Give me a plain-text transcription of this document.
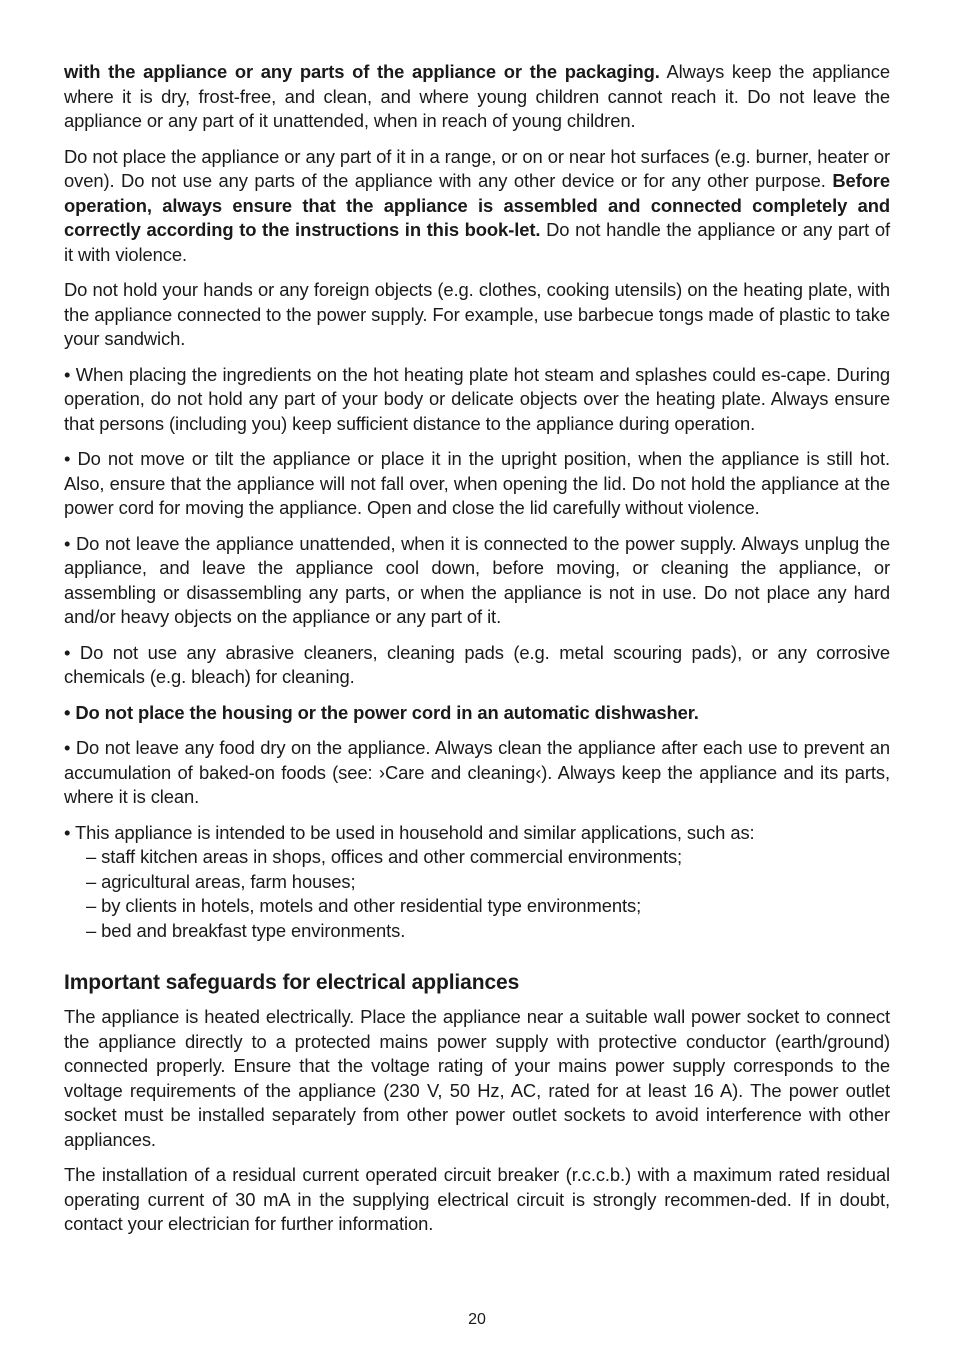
with the appliance or any parts of the appliance or the packaging. Always keep the appliance where it is dry, frost-free, and clean, and where young children cannot reach it. Do not leave the appliance or any part of it unattended, when in reach of young children.

Do not place the appliance or any part of it in a range, or on or near hot surfaces (e.g. burner, heater or oven). Do not use any parts of the appliance with any other device or for any other purpose. Before operation, always ensure that the appliance is assembled and connected completely and correctly according to the instructions in this book-let. Do not handle the appliance or any part of it with violence.

Do not hold your hands or any foreign objects (e.g. clothes, cooking utensils) on the heating plate, with the appliance connected to the power supply. For example, use barbecue tongs made of plastic to take your sandwich.

• When placing the ingredients on the hot heating plate hot steam and splashes could es-cape. During operation, do not hold any part of your body or delicate objects over the heating plate. Always ensure that persons (including you) keep sufficient distance to the appliance during operation.

• Do not move or tilt the appliance or place it in the upright position, when the appliance is still hot. Also, ensure that the appliance will not fall over, when opening the lid. Do not hold the appliance at the power cord for moving the appliance. Open and close the lid carefully without violence.

• Do not leave the appliance unattended, when it is connected to the power supply. Always unplug the appliance, and leave the appliance cool down, before moving, or cleaning the appliance, or assembling or disassembling any parts, or when the appliance is not in use. Do not place any hard and/or heavy objects on the appliance or any part of it.

• Do not use any abrasive cleaners, cleaning pads (e.g. metal scouring pads), or any corrosive chemicals (e.g. bleach) for cleaning.

• Do not place the housing or the power cord in an automatic dishwasher.

• Do not leave any food dry on the appliance. Always clean the appliance after each use to prevent an accumulation of baked-on foods (see: ›Care and cleaning‹). Always keep the appliance and its parts, where it is clean.

• This appliance is intended to be used in household and similar applications, such as:

– staff kitchen areas in shops, offices and other commercial environments;
– agricultural areas, farm houses;
– by clients in hotels, motels and other residential type environments;
– bed and breakfast type environments.
Important safeguards for electrical appliances

The appliance is heated electrically. Place the appliance near a suitable wall power socket to connect the appliance directly to a protected mains power supply with protective conductor (earth/ground) connected properly. Ensure that the voltage rating of your mains power supply corresponds to the voltage requirements of the appliance (230 V, 50 Hz, AC, rated for at least 16 A). The power outlet socket must be installed separately from other power outlet sockets to avoid interference with other appliances.

The installation of a residual current operated circuit breaker (r.c.c.b.) with a maximum rated residual operating current of 30 mA in the supplying electrical circuit is strongly recommen-ded. If in doubt, contact your electrician for further information.

20
